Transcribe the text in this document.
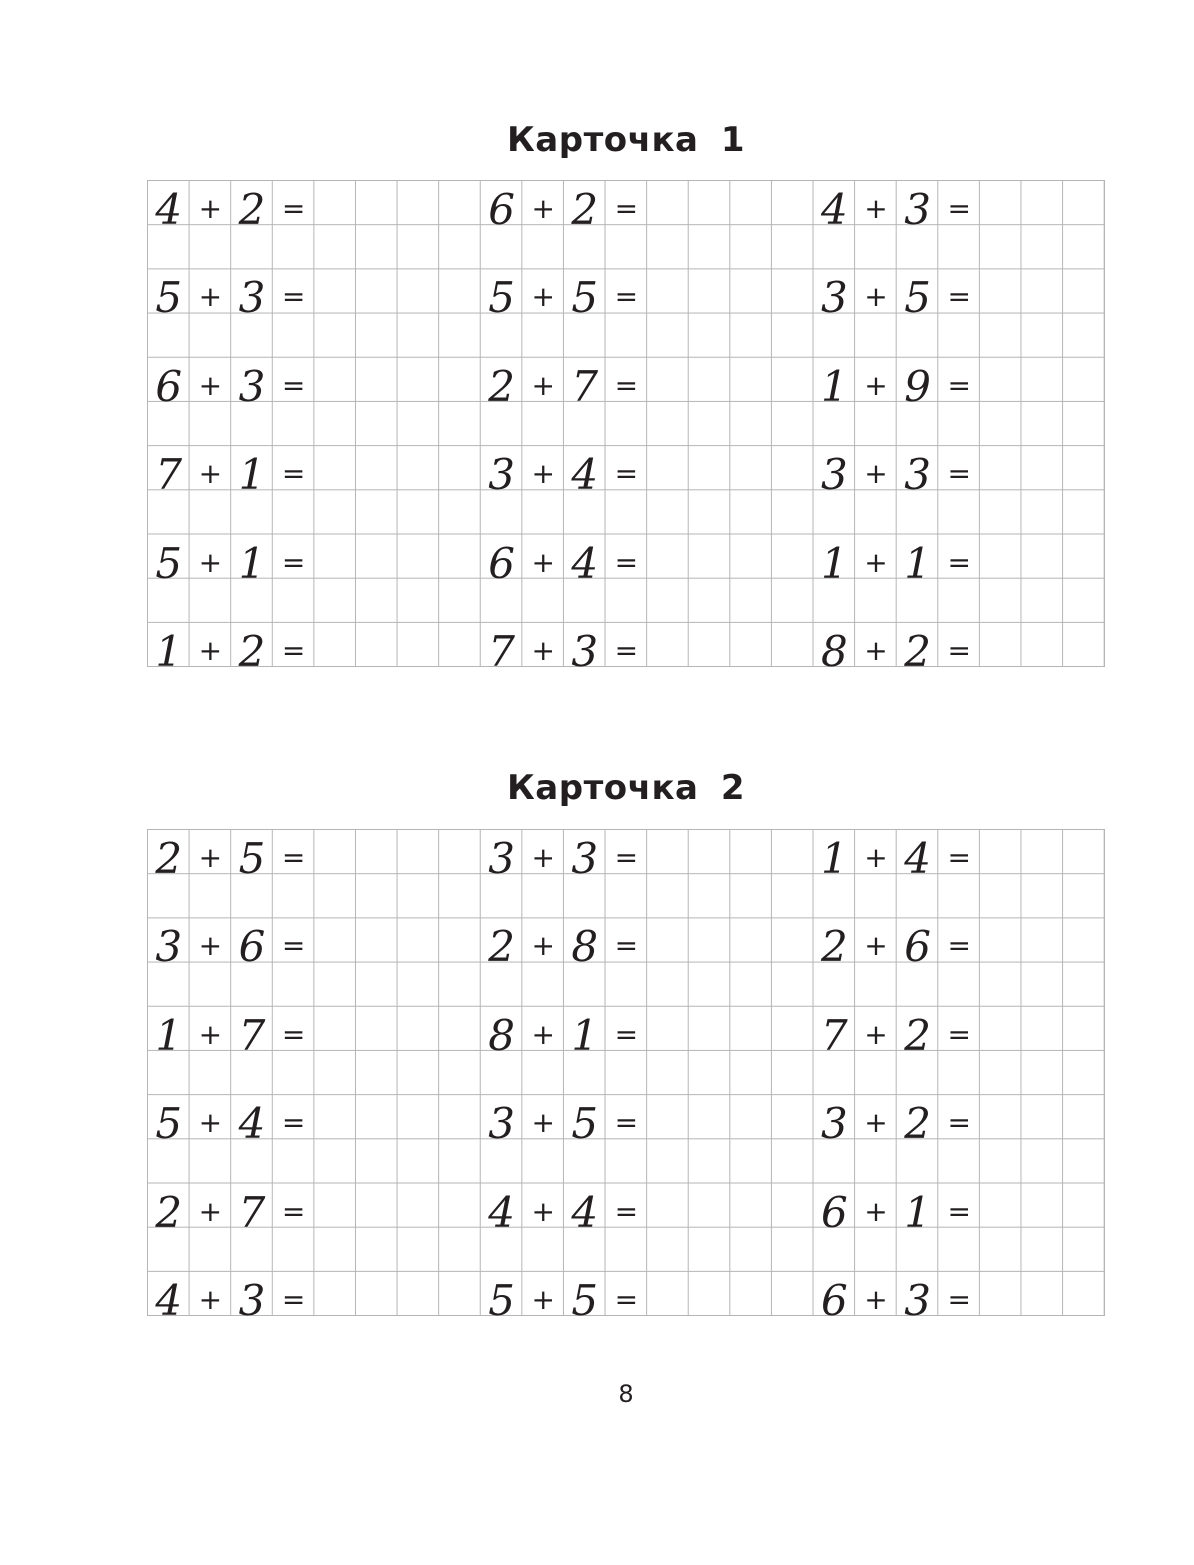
Карточка 1
4 + 2 =	6 + 2 =	4 + 3 =
5 + 3 =	5 + 5 =	3 + 5 =
6 + 3 =	2 + 7 =	1 + 9 =
7 + 1 =	3 + 4 =	3 + 3 =
5 + 1 =	6 + 4 =	1 + 1 =
1 + 2 =	7 + 3 =	8 + 2 =
Карточка 2
2 + 5 =	3 + 3 =	1 + 4 =
3 + 6 =	2 + 8 =	2 + 6 =
1 + 7 =	8 + 1 =	7 + 2 =
5 + 4 =	3 + 5 =	3 + 2 =
2 + 7 =	4 + 4 =	6 + 1 =
4 + 3 =	5 + 5 =	6 + 3 =
8
